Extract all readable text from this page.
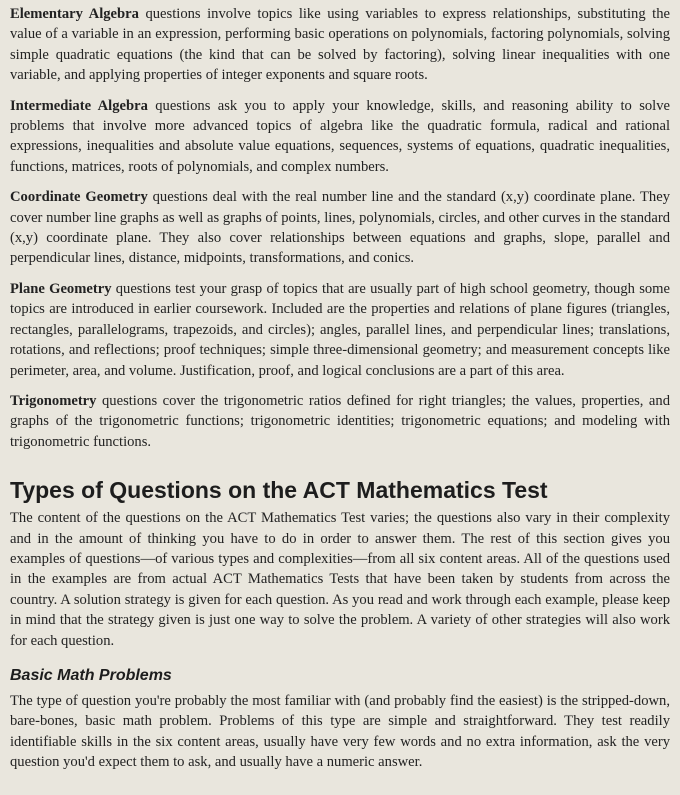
Elementary Algebra questions involve topics like using variables to express relationships, substituting the value of a variable in an expression, performing basic operations on polynomials, factoring polynomials, solving simple quadratic equations (the kind that can be solved by factoring), solving linear inequalities with one variable, and applying properties of integer exponents and square roots.

Intermediate Algebra questions ask you to apply your knowledge, skills, and reasoning ability to solve problems that involve more advanced topics of algebra like the quadratic formula, radical and rational expressions, inequalities and absolute value equations, sequences, systems of equations, quadratic inequalities, functions, matrices, roots of polynomials, and complex numbers.

Coordinate Geometry questions deal with the real number line and the standard (x,y) coordinate plane. They cover number line graphs as well as graphs of points, lines, polynomials, circles, and other curves in the standard (x,y) coordinate plane. They also cover relationships between equations and graphs, slope, parallel and perpendicular lines, distance, midpoints, transformations, and conics.

Plane Geometry questions test your grasp of topics that are usually part of high school geometry, though some topics are introduced in earlier coursework. Included are the properties and relations of plane figures (triangles, rectangles, parallelograms, trapezoids, and circles); angles, parallel lines, and perpendicular lines; translations, rotations, and reflections; proof techniques; simple three-dimensional geometry; and measurement concepts like perimeter, area, and volume. Justification, proof, and logical conclusions are a part of this area.

Trigonometry questions cover the trigonometric ratios defined for right triangles; the values, properties, and graphs of the trigonometric functions; trigonometric identities; trigonometric equations; and modeling with trigonometric functions.

Types of Questions on the ACT Mathematics Test

The content of the questions on the ACT Mathematics Test varies; the questions also vary in their complexity and in the amount of thinking you have to do in order to answer them. The rest of this section gives you examples of questions—of various types and complexities—from all six content areas. All of the questions used in the examples are from actual ACT Mathematics Tests that have been taken by students from across the country. A solution strategy is given for each question. As you read and work through each example, please keep in mind that the strategy given is just one way to solve the problem. A variety of other strategies will also work for each question.

Basic Math Problems

The type of question you're probably the most familiar with (and probably find the easiest) is the stripped-down, bare-bones, basic math problem. Problems of this type are simple and straightforward. They test readily identifiable skills in the six content areas, usually have very few words and no extra information, ask the very question you'd expect them to ask, and usually have a numeric answer.
